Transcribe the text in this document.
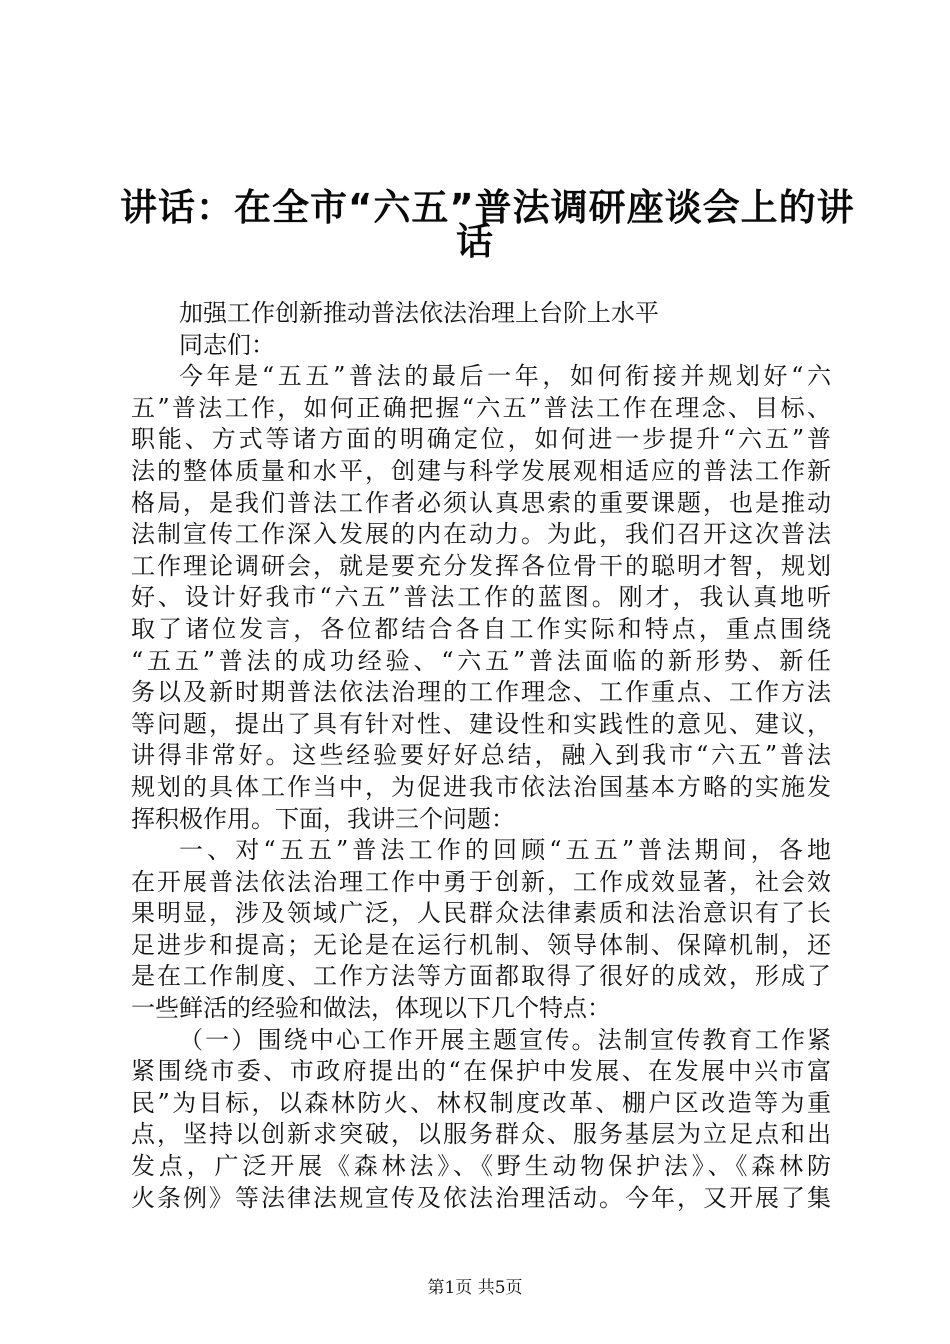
讲话：在全市“六五”普法调研座谈会上的讲
话
加强工作创新推动普法依法治理上台阶上水平
同志们：
今年是“五五”普法的最后一年，如何衔接并规划好“六
五”普法工作，如何正确把握“六五”普法工作在理念、目标、
职能、方式等诸方面的明确定位，如何进一步提升“六五”普
法的整体质量和水平，创建与科学发展观相适应的普法工作新
格局，是我们普法工作者必须认真思索的重要课题，也是推动
法制宣传工作深入发展的内在动力。为此，我们召开这次普法
工作理论调研会，就是要充分发挥各位骨干的聪明才智，规划
好、设计好我市“六五”普法工作的蓝图。刚才，我认真地听
取了诸位发言，各位都结合各自工作实际和特点，重点围绕
“五五”普法的成功经验、“六五”普法面临的新形势、新任
务以及新时期普法依法治理的工作理念、工作重点、工作方法
等问题，提出了具有针对性、建设性和实践性的意见、建议，
讲得非常好。这些经验要好好总结，融入到我市“六五”普法
规划的具体工作当中，为促进我市依法治国基本方略的实施发
挥积极作用。下面，我讲三个问题：
一、对“五五”普法工作的回顾“五五”普法期间，各地
在开展普法依法治理工作中勇于创新，工作成效显著，社会效
果明显，涉及领域广泛，人民群众法律素质和法治意识有了长
足进步和提高；无论是在运行机制、领导体制、保障机制，还
是在工作制度、工作方法等方面都取得了很好的成效，形成了
一些鲜活的经验和做法，体现以下几个特点：
（一）围绕中心工作开展主题宣传。法制宣传教育工作紧
紧围绕市委、市政府提出的“在保护中发展、在发展中兴市富
民”为目标，以森林防火、林权制度改革、棚户区改造等为重
点，坚持以创新求突破，以服务群众、服务基层为立足点和出
发点，广泛开展《森林法》、《野生动物保护法》、《森林防
火条例》等法律法规宣传及依法治理活动。今年，又开展了集
第1页 共5页
